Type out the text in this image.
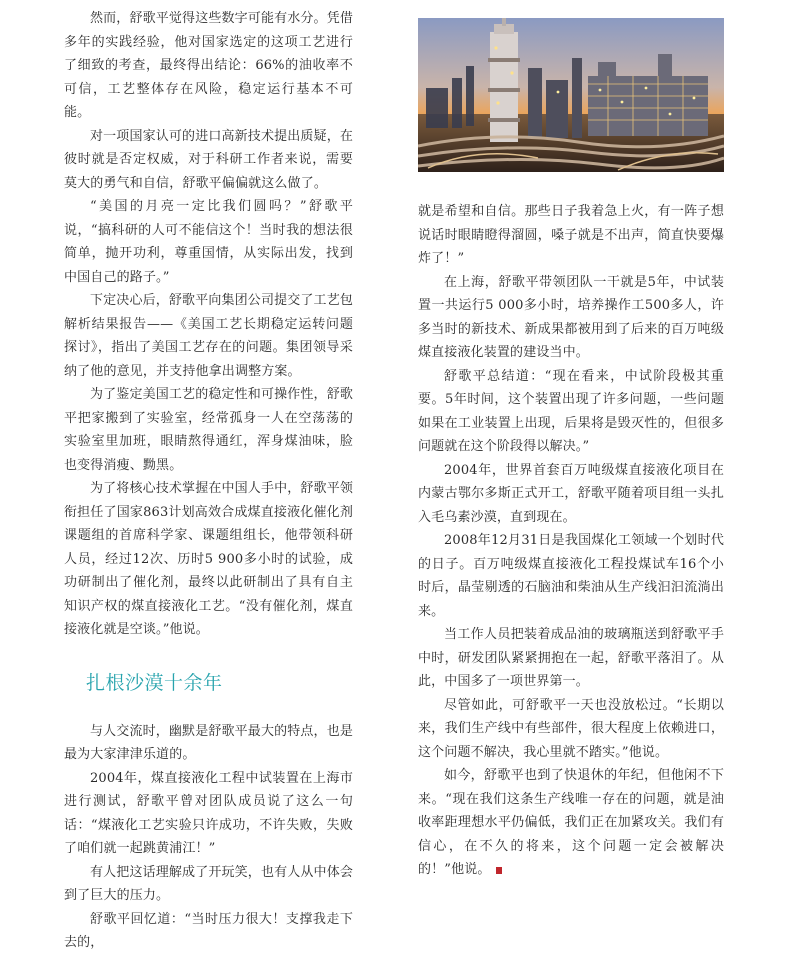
然而，舒歌平觉得这些数字可能有水分。凭借多年的实践经验，他对国家选定的这项工艺进行了细致的考查，最终得出结论：66%的油收率不可信，工艺整体存在风险，稳定运行基本不可能。

对一项国家认可的进口高新技术提出质疑，在彼时就是否定权威，对于科研工作者来说，需要莫大的勇气和自信，舒歌平偏偏就这么做了。

“美国的月亮一定比我们圆吗？”舒歌平说，“搞科研的人可不能信这个！当时我的想法很简单，抛开功利，尊重国情，从实际出发，找到中国自己的路子。”

下定决心后，舒歌平向集团公司提交了工艺包解析结果报告——《美国工艺长期稳定运转问题探讨》，指出了美国工艺存在的问题。集团领导采纳了他的意见，并支持他拿出调整方案。

为了鉴定美国工艺的稳定性和可操作性，舒歌平把家搬到了实验室，经常孤身一人在空荡荡的实验室里加班，眼睛熬得通红，浑身煤油味，脸也变得消瘦、黝黑。

为了将核心技术掌握在中国人手中，舒歌平领衔担任了国家863计划高效合成煤直接液化催化剂课题组的首席科学家、课题组组长，他带领科研人员，经过12次、历时5 900多小时的试验，成功研制出了催化剂，最终以此研制出了具有自主知识产权的煤直接液化工艺。“没有催化剂，煤直接液化就是空谈。”他说。

扎根沙漠十余年

与人交流时，幽默是舒歌平最大的特点，也是最为大家津津乐道的。

2004年，煤直接液化工程中试装置在上海市进行测试，舒歌平曾对团队成员说了这么一句话：“煤液化工艺实验只许成功，不许失败，失败了咱们就一起跳黄浦江！”

有人把这话理解成了开玩笑，也有人从中体会到了巨大的压力。

舒歌平回忆道：“当时压力很大！支撑我走下去的，

就是希望和自信。那些日子我着急上火，有一阵子想说话时眼睛瞪得溜圆，嗓子就是不出声，简直快要爆炸了！”

在上海，舒歌平带领团队一干就是5年，中试装置一共运行5 000多小时，培养操作工500多人，许多当时的新技术、新成果都被用到了后来的百万吨级煤直接液化装置的建设当中。

舒歌平总结道：“现在看来，中试阶段极其重要。5年时间，这个装置出现了许多问题，一些问题如果在工业装置上出现，后果将是毁灭性的，但很多问题就在这个阶段得以解决。”

2004年，世界首套百万吨级煤直接液化项目在内蒙古鄂尔多斯正式开工，舒歌平随着项目组一头扎入毛乌素沙漠，直到现在。

2008年12月31日是我国煤化工领域一个划时代的日子。百万吨级煤直接液化工程投煤试车16个小时后，晶莹剔透的石脑油和柴油从生产线汩汩流淌出来。

当工作人员把装着成品油的玻璃瓶送到舒歌平手中时，研发团队紧紧拥抱在一起，舒歌平落泪了。从此，中国多了一项世界第一。

尽管如此，可舒歌平一天也没放松过。“长期以来，我们生产线中有些部件，很大程度上依赖进口，这个问题不解决，我心里就不踏实。”他说。

如今，舒歌平也到了快退休的年纪，但他闲不下来。“现在我们这条生产线唯一存在的问题，就是油收率距理想水平仍偏低，我们正在加紧攻关。我们有信心，在不久的将来，这个问题一定会被解决的！”他说。
